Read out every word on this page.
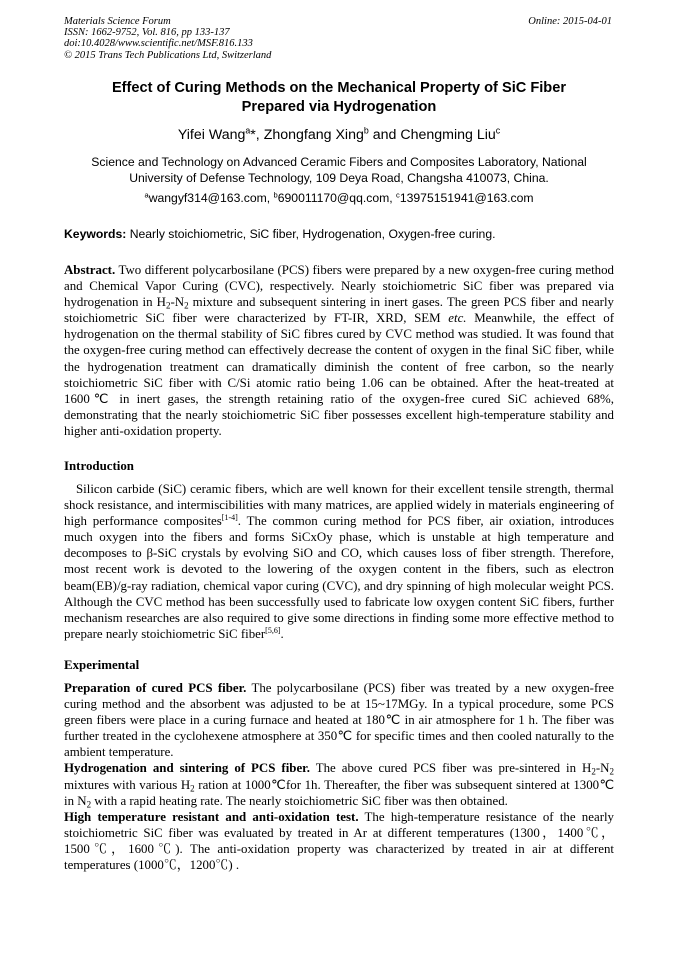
Materials Science Forum
ISSN: 1662-9752, Vol. 816, pp 133-137
doi:10.4028/www.scientific.net/MSF.816.133
© 2015 Trans Tech Publications Ltd, Switzerland
Online: 2015-04-01
Effect of Curing Methods on the Mechanical Property of SiC Fiber
Prepared via Hydrogenation
Yifei Wang$^a$*, Zhongfang Xing$^b$ and Chengming Liu$^c$
Science and Technology on Advanced Ceramic Fibers and Composites Laboratory, National University of Defense Technology, 109 Deya Road, Changsha 410073, China.
$^a$wangyf314@163.com, $^b$690011170@qq.com, $^c$13975151941@163.com
Keywords: Nearly stoichiometric, SiC fiber, Hydrogenation, Oxygen-free curing.
Abstract. Two different polycarbosilane (PCS) fibers were prepared by a new oxygen-free curing method and Chemical Vapor Curing (CVC), respectively. Nearly stoichiometric SiC fiber was prepared via hydrogenation in $H_2-N_2$ mixture and subsequent sintering in inert gases. The green PCS fiber and nearly stoichiometric SiC fiber were characterized by FT-IR, XRD, SEM etc. Meanwhile, the effect of hydrogenation on the thermal stability of SiC fibres cured by CVC method was studied. It was found that the oxygen-free curing method can effectively decrease the content of oxygen in the final SiC fiber, while the hydrogenation treatment can dramatically diminish the content of free carbon, so the nearly stoichiometric SiC fiber with C/Si atomic ratio being 1.06 can be obtained. After the heat-treated at 1600℃ in inert gases, the strength retaining ratio of the oxygen-free cured SiC achieved 68%, demonstrating that the nearly stoichiometric SiC fiber possesses excellent high-temperature stability and higher anti-oxidation property.
Introduction
Silicon carbide (SiC) ceramic fibers, which are well known for their excellent tensile strength, thermal shock resistance, and intermiscibilities with many matrices, are applied widely in materials engineering of high performance composites[1-4]. The common curing method for PCS fiber, air oxiation, introduces much oxygen into the fibers and forms SiCxOy phase, which is unstable at high temperature and decomposes to β-SiC crystals by evolving SiO and CO, which causes loss of fiber strength. Therefore, most recent work is devoted to the lowering of the oxygen content in the fibers, such as electron beam(EB)/g-ray radiation, chemical vapor curing (CVC), and dry spinning of high molecular weight PCS. Although the CVC method has been successfully used to fabricate low oxygen content SiC fibers, further mechanism researches are also required to give some directions in finding some more effective method to prepare nearly stoichiometric SiC fiber[5,6].
Experimental
Preparation of cured PCS fiber. The polycarbosilane (PCS) fiber was treated by a new oxygen-free curing method and the absorbent was adjusted to be at 15~17MGy. In a typical procedure, some PCS green fibers were place in a curing furnace and heated at 180℃ in air atmosphere for 1 h. The fiber was further treated in the cyclohexene atmosphere at 350℃ for specific times and then cooled naturally to the ambient temperature.
Hydrogenation and sintering of PCS fiber. The above cured PCS fiber was pre-sintered in $H_2-N_2$ mixtures with various $H_2$ ration at 1000℃for 1h. Thereafter, the fiber was subsequent sintered at 1300℃ in $N_2$ with a rapid heating rate. The nearly stoichiometric SiC fiber was then obtained.
High temperature resistant and anti-oxidation test. The high-temperature resistance of the nearly stoichiometric SiC fiber was evaluated by treated in Ar at different temperatures (1300，1400℃，1500℃，1600℃). The anti-oxidation property was characterized by treated in air at different temperatures (1000℃，1200℃) .
